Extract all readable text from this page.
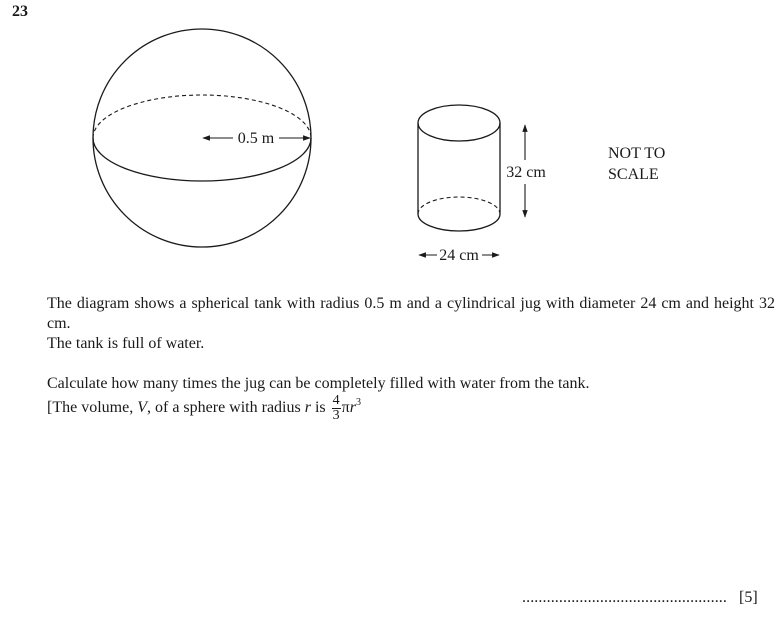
23
0.5 m
32 cm
24 cm
NOT TO
SCALE
The diagram shows a spherical tank with radius 0.5 m and a cylindrical jug with diameter 24 cm and height 32 cm.
The tank is full of water.
Calculate how many times the jug can be completely filled with water from the tank.
[The volume, V, of a sphere with radius r is $\frac{4}{3} \pi r^3$
.................................................. [5]
